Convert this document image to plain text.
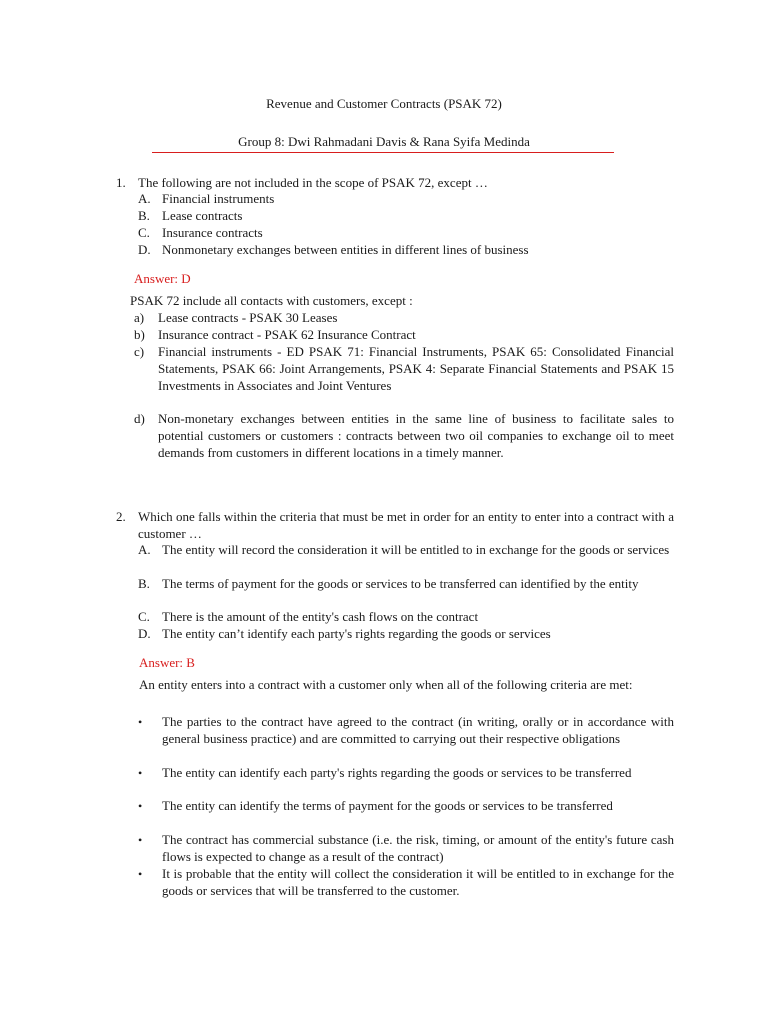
Revenue and Customer Contracts (PSAK 72)
Group 8: Dwi Rahmadani Davis & Rana Syifa Medinda
1. The following are not included in the scope of PSAK 72, except …
A. Financial instruments
B. Lease contracts
C. Insurance contracts
D. Nonmonetary exchanges between entities in different lines of business
Answer: D
PSAK 72 include all contacts with customers, except :
a) Lease contracts - PSAK 30 Leases
b) Insurance contract - PSAK 62 Insurance Contract
c) Financial instruments - ED PSAK 71: Financial Instruments, PSAK 65: Consolidated Financial Statements, PSAK 66: Joint Arrangements, PSAK 4: Separate Financial Statements and PSAK 15 Investments in Associates and Joint Ventures
d) Non-monetary exchanges between entities in the same line of business to facilitate sales to potential customers or customers : contracts between two oil companies to exchange oil to meet demands from customers in different locations in a timely manner.
2. Which one falls within the criteria that must be met in order for an entity to enter into a contract with a customer …
A. The entity will record the consideration it will be entitled to in exchange for the goods or services
B. The terms of payment for the goods or services to be transferred can identified by the entity
C. There is the amount of the entity's cash flows on the contract
D. The entity can’t identify each party's rights regarding the goods or services
Answer: B
An entity enters into a contract with a customer only when all of the following criteria are met:
• The parties to the contract have agreed to the contract (in writing, orally or in accordance with general business practice) and are committed to carrying out their respective obligations
• The entity can identify each party's rights regarding the goods or services to be transferred
• The entity can identify the terms of payment for the goods or services to be transferred
• The contract has commercial substance (i.e. the risk, timing, or amount of the entity's future cash flows is expected to change as a result of the contract)
• It is probable that the entity will collect the consideration it will be entitled to in exchange for the goods or services that will be transferred to the customer.
